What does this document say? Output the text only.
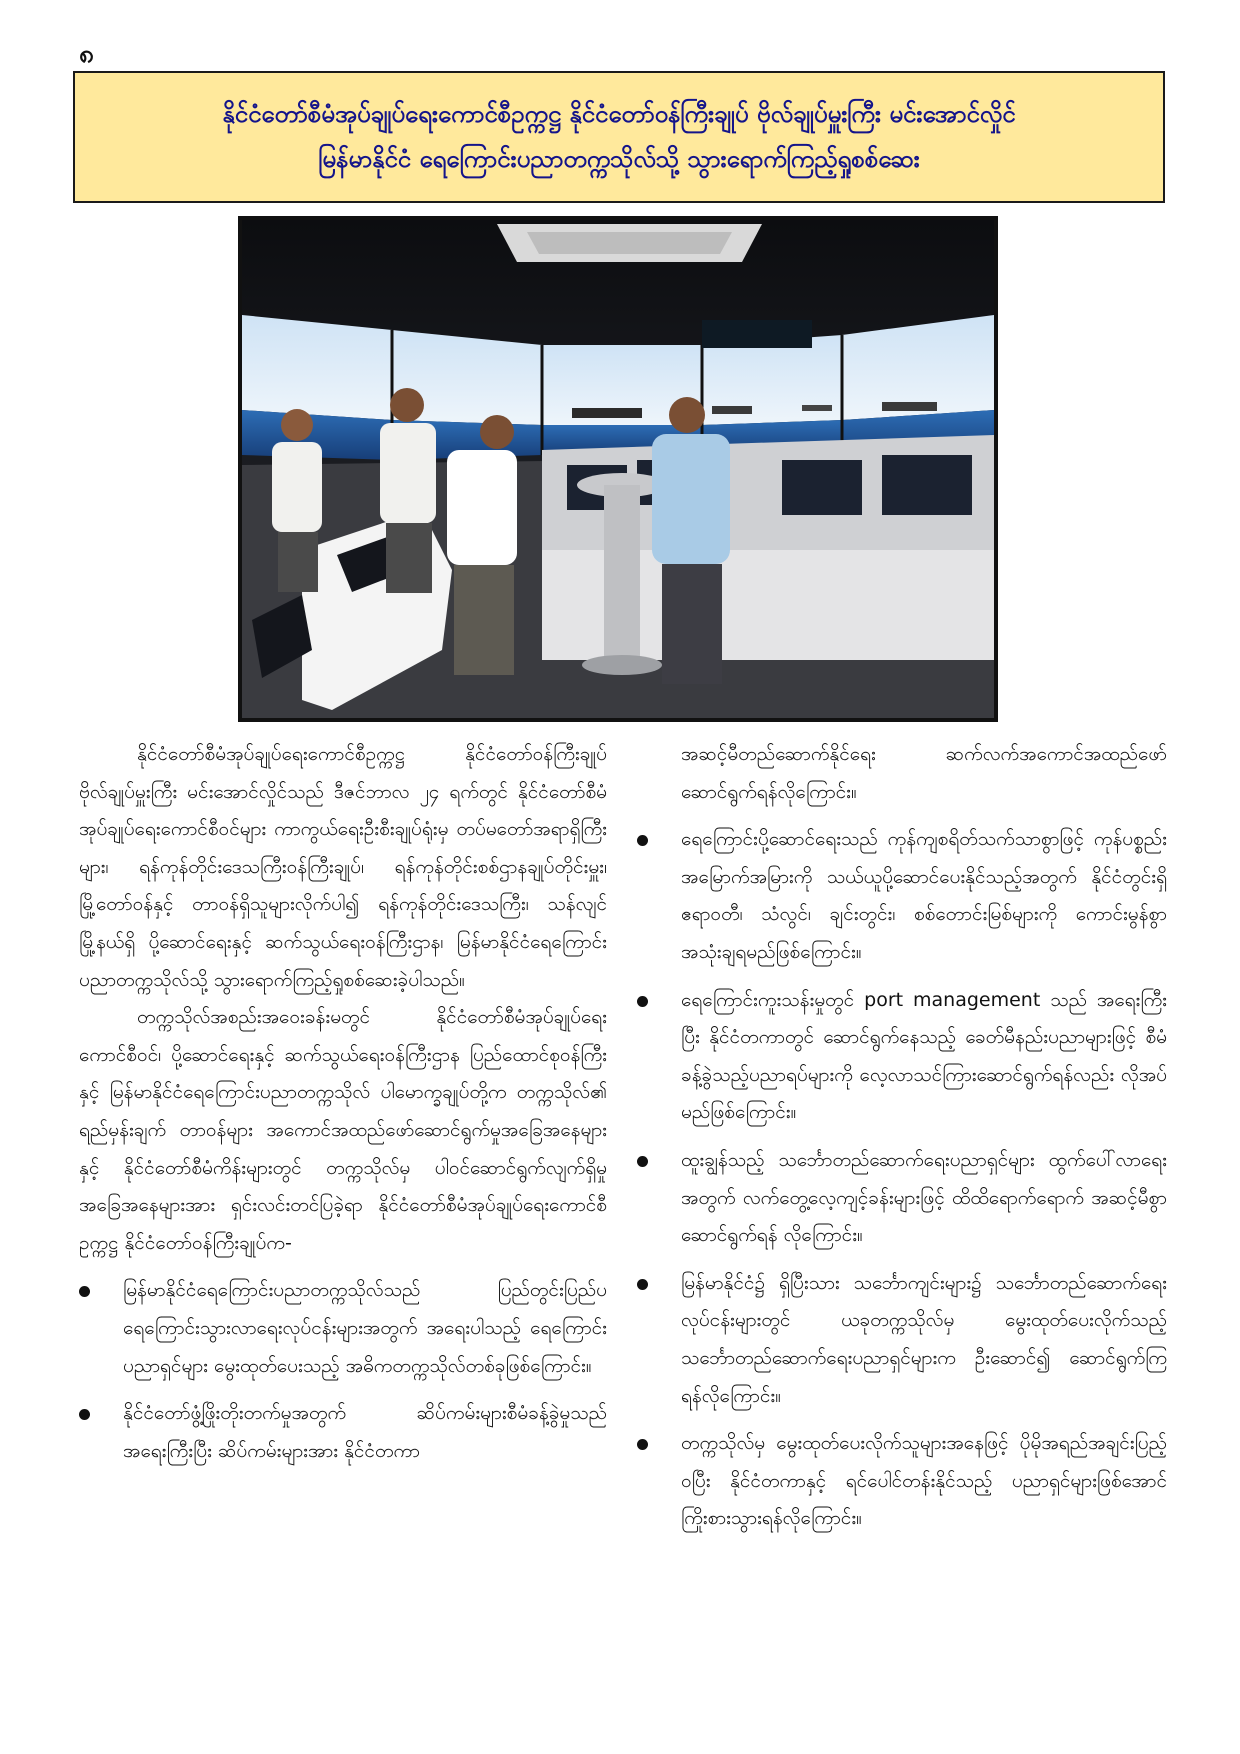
၈
နိုင်ငံတော်စီမံအုပ်ချုပ်ရေးကောင်စီဥက္ကဋ္ဌ နိုင်ငံတော်ဝန်ကြီးချုပ် ဗိုလ်ချုပ်မှူးကြီး မင်းအောင်လှိုင်
မြန်မာနိုင်ငံ ရေကြောင်းပညာတက္ကသိုလ်သို့ သွားရောက်ကြည့်ရှုစစ်ဆေး

နိုင်ငံတော်စီမံအုပ်ချုပ်ရေးကောင်စီဥက္ကဋ္ဌ နိုင်ငံတော်ဝန်ကြီးချုပ် ဗိုလ်ချုပ်မှူးကြီး မင်းအောင်လှိုင်သည် ဒီဇင်ဘာလ ၂၄ ရက်တွင် နိုင်ငံတော်စီမံအုပ်ချုပ်ရေးကောင်စီဝင်များ ကာကွယ်ရေးဦးစီးချုပ်ရုံးမှ တပ်မတော်အရာရှိကြီးများ၊ ရန်ကုန်တိုင်းဒေသကြီးဝန်ကြီးချုပ်၊ ရန်ကုန်တိုင်းစစ်ဌာနချုပ်တိုင်းမှူး၊ မြို့တော်ဝန်နှင့် တာဝန်ရှိသူများလိုက်ပါ၍ ရန်ကုန်တိုင်းဒေသကြီး၊ သန်လျင်မြို့နယ်ရှိ ပို့ဆောင်ရေးနှင့် ဆက်သွယ်ရေးဝန်ကြီးဌာန၊ မြန်မာနိုင်ငံရေကြောင်းပညာတက္ကသိုလ်သို့ သွားရောက်ကြည့်ရှုစစ်ဆေးခဲ့ပါသည်။

တက္ကသိုလ်အစည်းအဝေးခန်းမတွင် နိုင်ငံတော်စီမံအုပ်ချုပ်ရေးကောင်စီဝင်၊ ပို့ဆောင်ရေးနှင့် ဆက်သွယ်ရေးဝန်ကြီးဌာန ပြည်ထောင်စုဝန်ကြီးနှင့် မြန်မာနိုင်ငံရေကြောင်းပညာတက္ကသိုလ် ပါမောက္ခချုပ်တို့က တက္ကသိုလ်၏ ရည်မှန်းချက် တာဝန်များ အကောင်အထည်ဖော်ဆောင်ရွက်မှုအခြေအနေများနှင့် နိုင်ငံတော်စီမံကိန်းများတွင် တက္ကသိုလ်မှ ပါဝင်ဆောင်ရွက်လျက်ရှိမှုအခြေအနေများအား ရှင်းလင်းတင်ပြခဲ့ရာ နိုင်ငံတော်စီမံအုပ်ချုပ်ရေးကောင်စီဥက္ကဋ္ဌ နိုင်ငံတော်ဝန်ကြီးချုပ်က-

မြန်မာနိုင်ငံရေကြောင်းပညာတက္ကသိုလ်သည် ပြည်တွင်းပြည်ပ ရေကြောင်းသွားလာရေးလုပ်ငန်းများအတွက် အရေးပါသည့် ရေကြောင်းပညာရှင်များ မွေးထုတ်ပေးသည့် အဓိကတက္ကသိုလ်တစ်ခုဖြစ်ကြောင်း။
နိုင်ငံတော်ဖွံ့ဖြိုးတိုးတက်မှုအတွက် ဆိပ်ကမ်းများစီမံခန့်ခွဲမှုသည် အရေးကြီးပြီး ဆိပ်ကမ်းများအား နိုင်ငံတကာ

အဆင့်မီတည်ဆောက်နိုင်ရေး ဆက်လက်အကောင်အထည်ဖော် ဆောင်ရွက်ရန်လိုကြောင်း။

ရေကြောင်းပို့ဆောင်ရေးသည် ကုန်ကျစရိတ်သက်သာစွာဖြင့် ကုန်ပစ္စည်းအမြောက်အမြားကို သယ်ယူပို့ဆောင်ပေးနိုင်သည့်အတွက် နိုင်ငံတွင်းရှိ ဧရာဝတီ၊ သံလွင်၊ ချင်းတွင်း၊ စစ်တောင်းမြစ်များကို ကောင်းမွန်စွာ အသုံးချရမည်ဖြစ်ကြောင်း။
ရေကြောင်းကူးသန်းမှုတွင် port management သည် အရေးကြီးပြီး နိုင်ငံတကာတွင် ဆောင်ရွက်နေသည့် ခေတ်မီနည်းပညာများဖြင့် စီမံခန့်ခွဲသည့်ပညာရပ်များကို လေ့လာသင်ကြားဆောင်ရွက်ရန်လည်း လိုအပ်မည်ဖြစ်ကြောင်း။
ထူးချွန်သည့် သင်္ဘောတည်ဆောက်ရေးပညာရှင်များ ထွက်ပေါ်လာရေးအတွက် လက်တွေ့လေ့ကျင့်ခန်းများဖြင့် ထိထိရောက်ရောက် အဆင့်မီစွာဆောင်ရွက်ရန် လိုကြောင်း။
မြန်မာနိုင်ငံ၌ ရှိပြီးသား သင်္ဘောကျင်းများ၌ သင်္ဘောတည်ဆောက်ရေးလုပ်ငန်းများတွင် ယခုတက္ကသိုလ်မှ မွေးထုတ်ပေးလိုက်သည့် သင်္ဘောတည်ဆောက်ရေးပညာရှင်များက ဦးဆောင်၍ ဆောင်ရွက်ကြရန်လိုကြောင်း။
တက္ကသိုလ်မှ မွေးထုတ်ပေးလိုက်သူများအနေဖြင့် ပိုမိုအရည်အချင်းပြည့်ဝပြီး နိုင်ငံတကာနှင့် ရင်ပေါင်တန်းနိုင်သည့် ပညာရှင်များဖြစ်အောင် ကြိုးစားသွားရန်လိုကြောင်း။
